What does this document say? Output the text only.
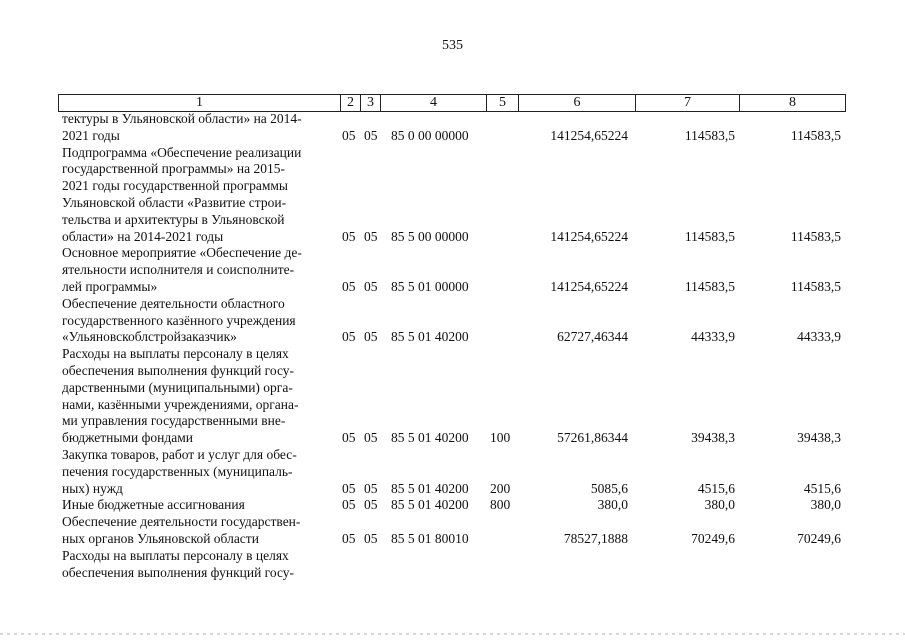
535
1	2 3	4	5	6	7	8
тектуры в Ульяновской области» на 2014-
2021 годы	05 05 85 0 00 00000	141254,65224	114583,5	114583,5
Подпрограмма «Обеспечение реализации
государственной программы» на 2015-
2021 годы государственной программы
Ульяновской области «Развитие строи-
тельства и архитектуры в Ульяновской
области» на 2014-2021 годы	05 05 85 5 00 00000	141254,65224	114583,5	114583,5
Основное мероприятие «Обеспечение де-
ятельности исполнителя и соисполните-
лей программы»	05 05 85 5 01 00000	141254,65224	114583,5	114583,5
Обеспечение деятельности областного
государственного казённого учреждения
«Ульяновскоблстройзаказчик»	05 05 85 5 01 40200	62727,46344	44333,9	44333,9
Расходы на выплаты персоналу в целях
обеспечения выполнения функций госу-
дарственными (муниципальными) орга-
нами, казёнными учреждениями, органа-
ми управления государственными вне-
бюджетными фондами	05 05 85 5 01 40200 100	57261,86344	39438,3	39438,3
Закупка товаров, работ и услуг для обес-
печения государственных (муниципаль-
ных) нужд	05 05 85 5 01 40200 200	5085,6	4515,6	4515,6
Иные бюджетные ассигнования	05 05 85 5 01 40200 800	380,0	380,0	380,0
Обеспечение деятельности государствен-
ных органов Ульяновской области	05 05 85 5 01 80010	78527,1888	70249,6	70249,6
Расходы на выплаты персоналу в целях
обеспечения выполнения функций госу-
